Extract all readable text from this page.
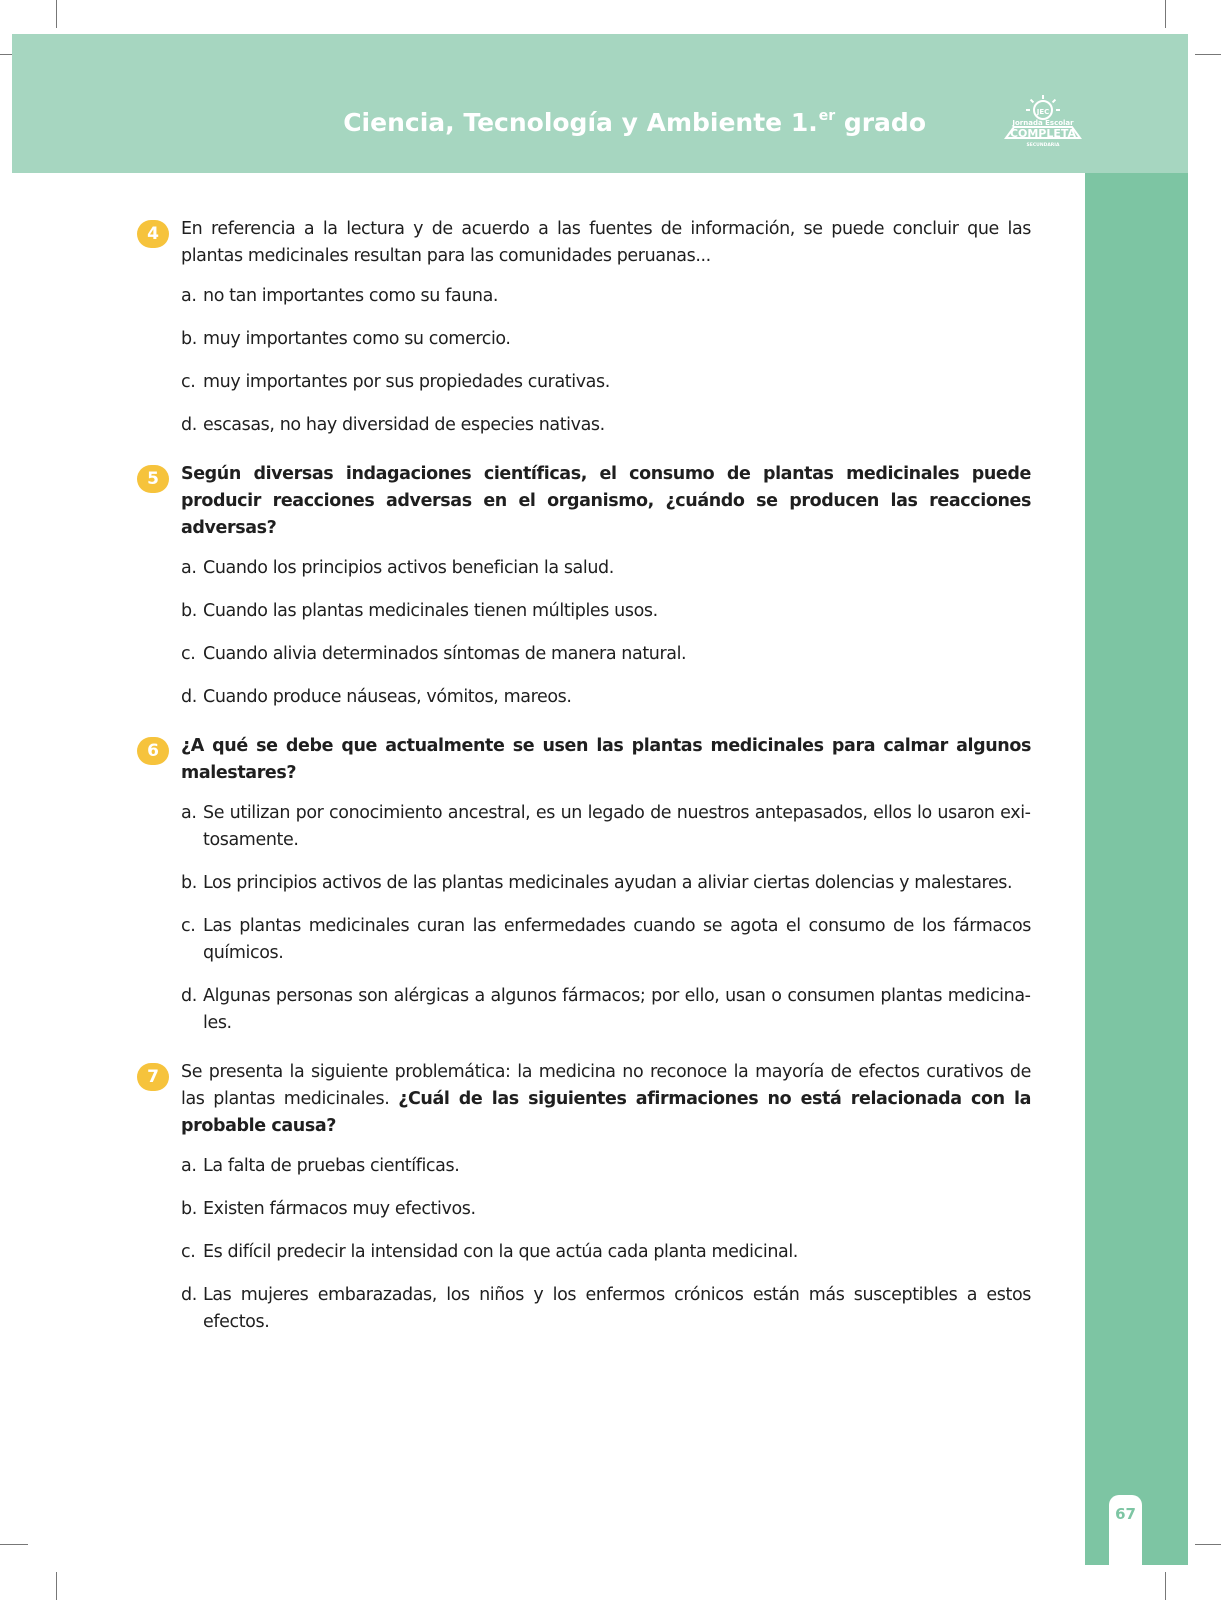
Ciencia, Tecnología y Ambiente 1.$^{er}$ grado	JEC
Jornada Escolar
COMPLETA
SECUNDARIA
67
4	En referencia a la lectura y de acuerdo a las fuentes de información, se puede concluir que las plantas medicinales resultan para las comunidades peruanas...
a. no tan importantes como su fauna.
b. muy importantes como su comercio.
c. muy importantes por sus propiedades curativas.
d. escasas, no hay diversidad de especies nativas.
5	Según diversas indagaciones científicas, el consumo de plantas medicinales puede producir reacciones adversas en el organismo, ¿cuándo se producen las reacciones adversas?
a. Cuando los principios activos benefician la salud.
b. Cuando las plantas medicinales tienen múltiples usos.
c. Cuando alivia determinados síntomas de manera natural.
d. Cuando produce náuseas, vómitos, mareos.
6	¿A qué se debe que actualmente se usen las plantas medicinales para calmar algunos malestares?
a. Se utilizan por conocimiento ancestral, es un legado de nuestros antepasados, ellos lo usaron exitosamente.
b. Los principios activos de las plantas medicinales ayudan a aliviar ciertas dolencias y malestares.
c. Las plantas medicinales curan las enfermedades cuando se agota el consumo de los fármacos químicos.
d. Algunas personas son alérgicas a algunos fármacos; por ello, usan o consumen plantas medicinales.
7	Se presenta la siguiente problemática: la medicina no reconoce la mayoría de efectos curativos de las plantas medicinales. ¿Cuál de las siguientes afirmaciones no está relacionada con la probable causa?
a. La falta de pruebas científicas.
b. Existen fármacos muy efectivos.
c. Es difícil predecir la intensidad con la que actúa cada planta medicinal.
d. Las mujeres embarazadas, los niños y los enfermos crónicos están más susceptibles a estos efectos.
